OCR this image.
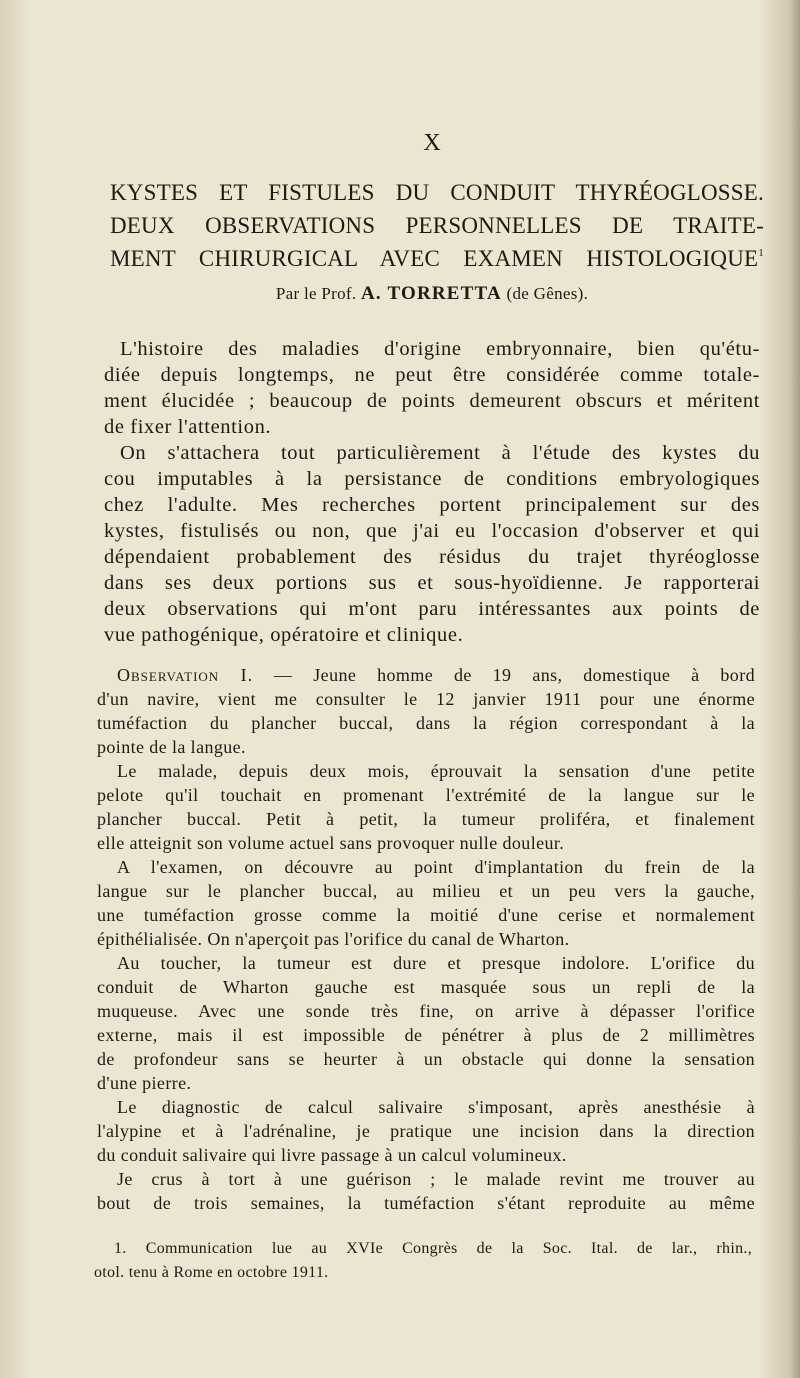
X
KYSTES ET FISTULES DU CONDUIT THYRÉOGLOSSE.
DEUX OBSERVATIONS PERSONNELLES DE TRAITE-
MENT CHIRURGICAL AVEC EXAMEN HISTOLOGIQUE$^1$
Par le Prof. A. TORRETTA (de Gênes).
L'histoire des maladies d'origine embryonnaire, bien qu'étu-
diée depuis longtemps, ne peut être considérée comme totale-
ment élucidée ; beaucoup de points demeurent obscurs et méritent
de fixer l'attention.
On s'attachera tout particulièrement à l'étude des kystes du
cou imputables à la persistance de conditions embryologiques
chez l'adulte. Mes recherches portent principalement sur des
kystes, fistulisés ou non, que j'ai eu l'occasion d'observer et qui
dépendaient probablement des résidus du trajet thyréoglosse
dans ses deux portions sus et sous-hyoïdienne. Je rapporterai
deux observations qui m'ont paru intéressantes aux points de
vue pathogénique, opératoire et clinique.
Observation I. — Jeune homme de 19 ans, domestique à bord
d'un navire, vient me consulter le 12 janvier 1911 pour une énorme
tuméfaction du plancher buccal, dans la région correspondant à la
pointe de la langue.
Le malade, depuis deux mois, éprouvait la sensation d'une petite
pelote qu'il touchait en promenant l'extrémité de la langue sur le
plancher buccal. Petit à petit, la tumeur proliféra, et finalement
elle atteignit son volume actuel sans provoquer nulle douleur.
A l'examen, on découvre au point d'implantation du frein de la
langue sur le plancher buccal, au milieu et un peu vers la gauche,
une tuméfaction grosse comme la moitié d'une cerise et normalement
épithélialisée. On n'aperçoit pas l'orifice du canal de Wharton.
Au toucher, la tumeur est dure et presque indolore. L'orifice du
conduit de Wharton gauche est masquée sous un repli de la
muqueuse. Avec une sonde très fine, on arrive à dépasser l'orifice
externe, mais il est impossible de pénétrer à plus de 2 millimètres
de profondeur sans se heurter à un obstacle qui donne la sensation
d'une pierre.
Le diagnostic de calcul salivaire s'imposant, après anesthésie à
l'alypine et à l'adrénaline, je pratique une incision dans la direction
du conduit salivaire qui livre passage à un calcul volumineux.
Je crus à tort à une guérison ; le malade revint me trouver au
bout de trois semaines, la tuméfaction s'étant reproduite au même
1. Communication lue au XVIe Congrès de la Soc. Ital. de lar., rhin.,
otol. tenu à Rome en octobre 1911.
